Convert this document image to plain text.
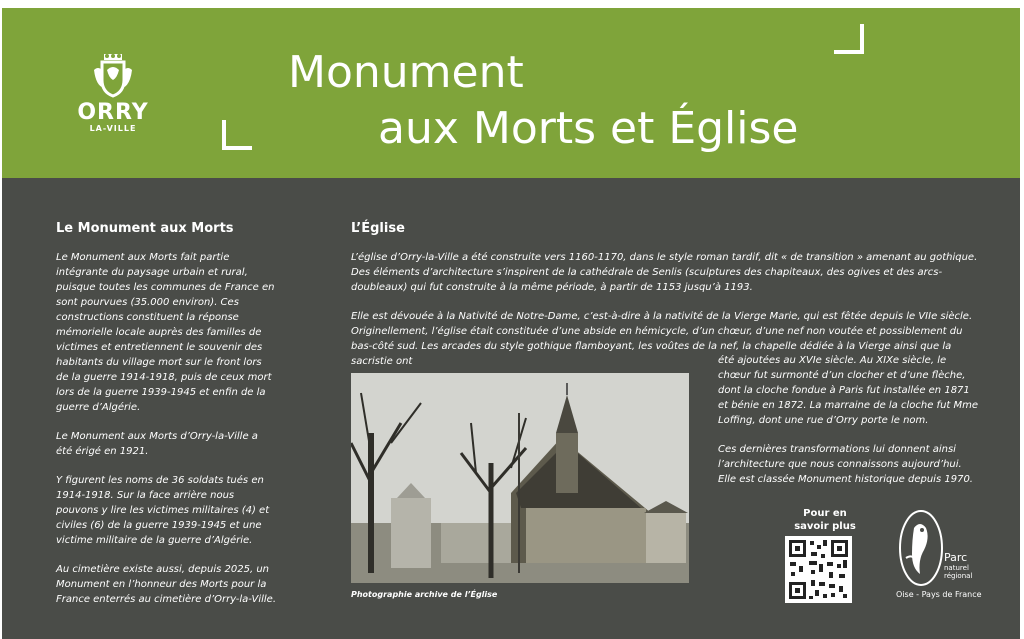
ORRY
LA-VILLE
Monument
aux Morts et Église
Le Monument aux Morts

Le Monument aux Morts fait partie intégrante du paysage urbain et rural, puisque toutes les communes de France en sont pourvues (35.000 environ). Ces constructions constituent la réponse mémorielle locale auprès des familles de victimes et entretiennent le souvenir des habitants du village mort sur le front lors de la guerre 1914-1918, puis de ceux mort lors de la guerre 1939-1945 et enfin de la guerre d’Algérie.

Le Monument aux Morts d’Orry-la-Ville a été érigé en 1921.

Y figurent les noms de 36 soldats tués en 1914-1918. Sur la face arrière nous pouvons y lire les victimes militaires (4) et civiles (6) de la guerre 1939-1945 et une victime militaire de la guerre d’Algérie.

Au cimetière existe aussi, depuis 2025, un Monument en l’honneur des Morts pour la France enterrés au cimetière d’Orry-la-Ville.

L’Église

L’église d’Orry-la-Ville a été construite vers 1160-1170, dans le style roman tardif, dit « de transition » amenant au gothique. Des éléments d’architecture s’inspirent de la cathédrale de Senlis (sculptures des chapiteaux, des ogives et des arcs-doubleaux) qui fut construite à la même période, à partir de 1153 jusqu’à 1193.

Elle est dévouée à la Nativité de Notre-Dame, c’est-à-dire à la nativité de la Vierge Marie, qui est fêtée depuis le VIIe siècle. Originellement, l’église était constituée d’une abside en hémicycle, d’un chœur, d’une nef non voutée et possiblement du bas-côté sud. Les arcades du style gothique flamboyant, les voûtes de la nef, la chapelle dédiée à la Vierge ainsi que la sacristie ont	été ajoutées au XVIe siècle. Au XIXe siècle, le chœur fut surmonté d’un clocher et d’une flèche, dont la cloche fondue à Paris fut installée en 1871 et bénie en 1872. La marraine de la cloche fut Mme Loffing, dont une rue d’Orry porte le nom.

Ces dernières transformations lui donnent ainsi l’architecture que nous connaissons aujourd’hui. Elle est classée Monument historique depuis 1970.

Photographie archive de l’Église
Pour en savoir plus
Parc
naturel
régional
Oise - Pays de France
